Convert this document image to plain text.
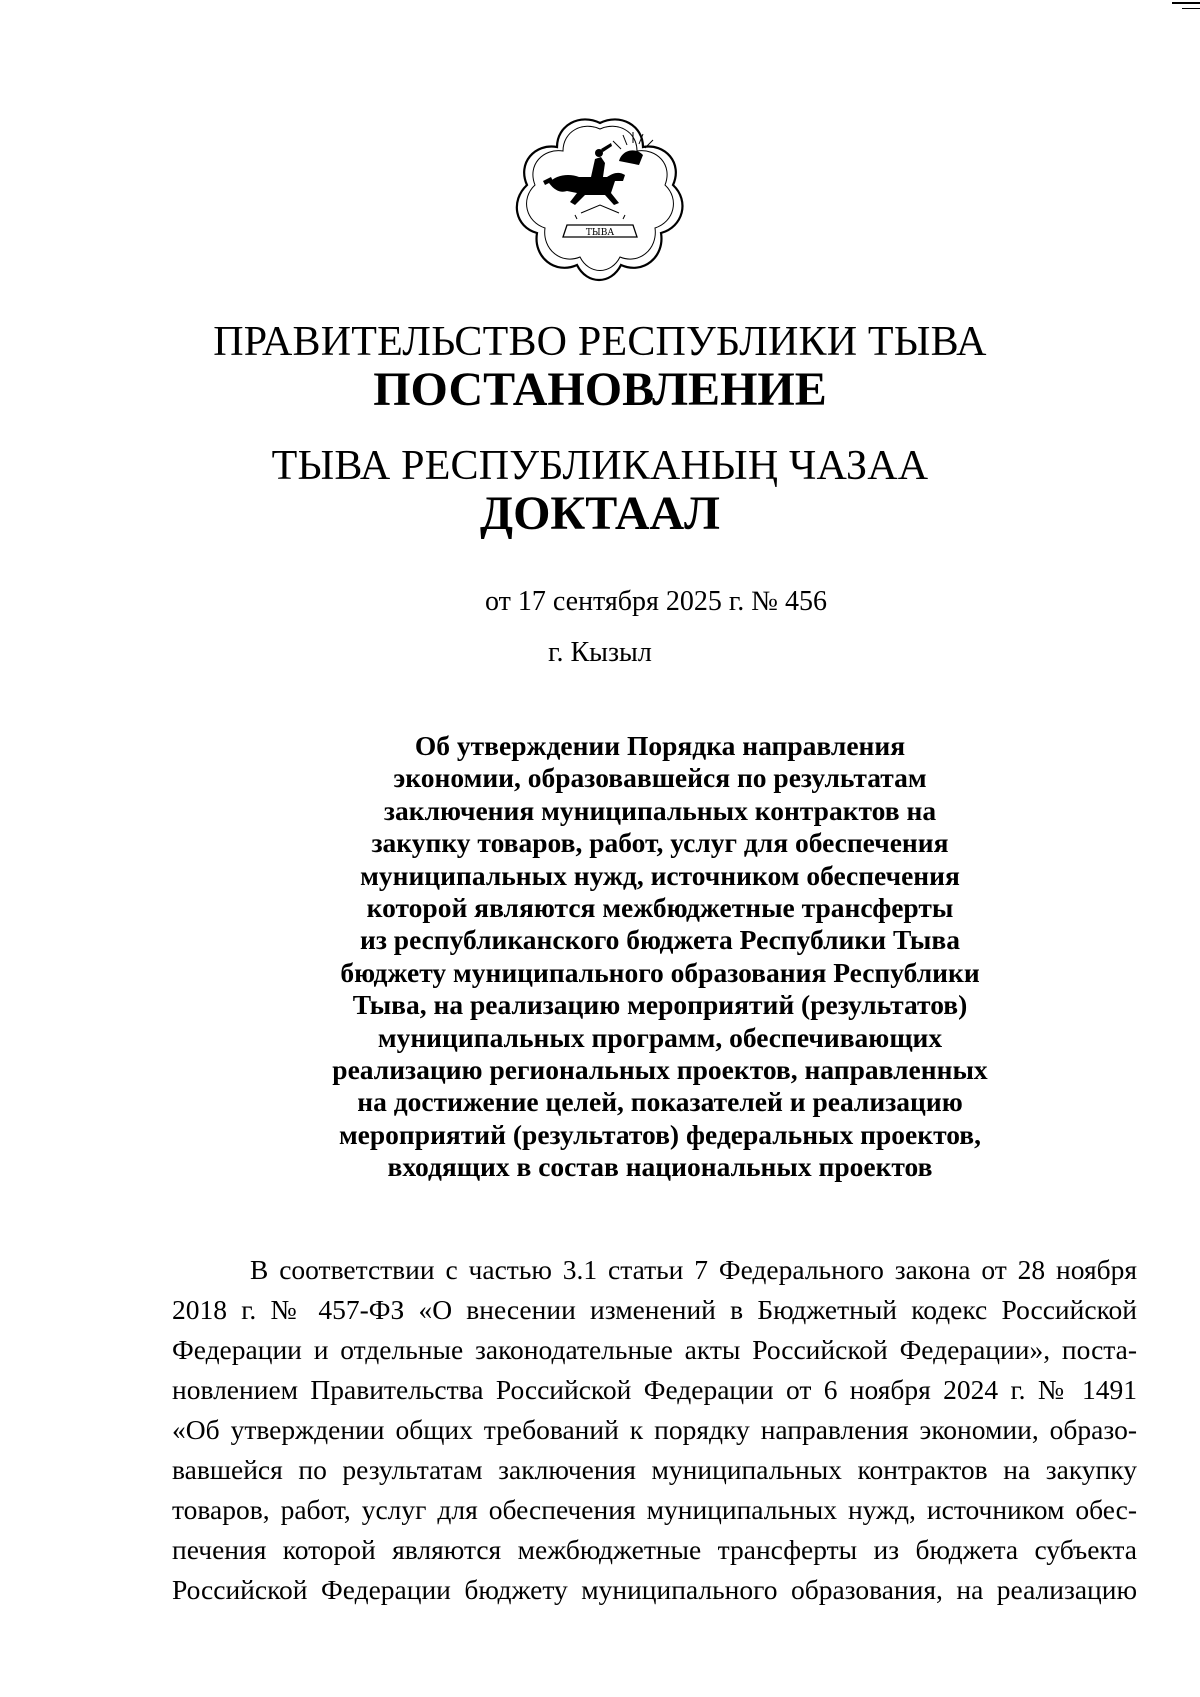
ТЫВА
ПРАВИТЕЛЬСТВО РЕСПУБЛИКИ ТЫВА
ПОСТАНОВЛЕНИЕ
ТЫВА РЕСПУБЛИКАНЫҢ ЧАЗАА
ДОКТААЛ
от 17 сентября 2025 г. № 456
г. Кызыл
Об утверждении Порядка направления
экономии, образовавшейся по результатам
заключения муниципальных контрактов на
закупку товаров, работ, услуг для обеспечения
муниципальных нужд, источником обеспечения
которой являются межбюджетные трансферты
из республиканского бюджета Республики Тыва
бюджету муниципального образования Республики
Тыва, на реализацию мероприятий (результатов)
муниципальных программ, обеспечивающих
реализацию региональных проектов, направленных
на достижение целей, показателей и реализацию
мероприятий (результатов) федеральных проектов,
входящих в состав национальных проектов
В соответствии с частью 3.1 статьи 7 Федерального закона от 28 ноября
2018 г. № 457-ФЗ «О внесении изменений в Бюджетный кодекс Российской
Федерации и отдельные законодательные акты Российской Федерации», поста-
новлением Правительства Российской Федерации от 6 ноября 2024 г. № 1491
«Об утверждении общих требований к порядку направления экономии, образо-
вавшейся по результатам заключения муниципальных контрактов на закупку
товаров, работ, услуг для обеспечения муниципальных нужд, источником обес-
печения которой являются межбюджетные трансферты из бюджета субъекта
Российской Федерации бюджету муниципального образования, на реализацию
